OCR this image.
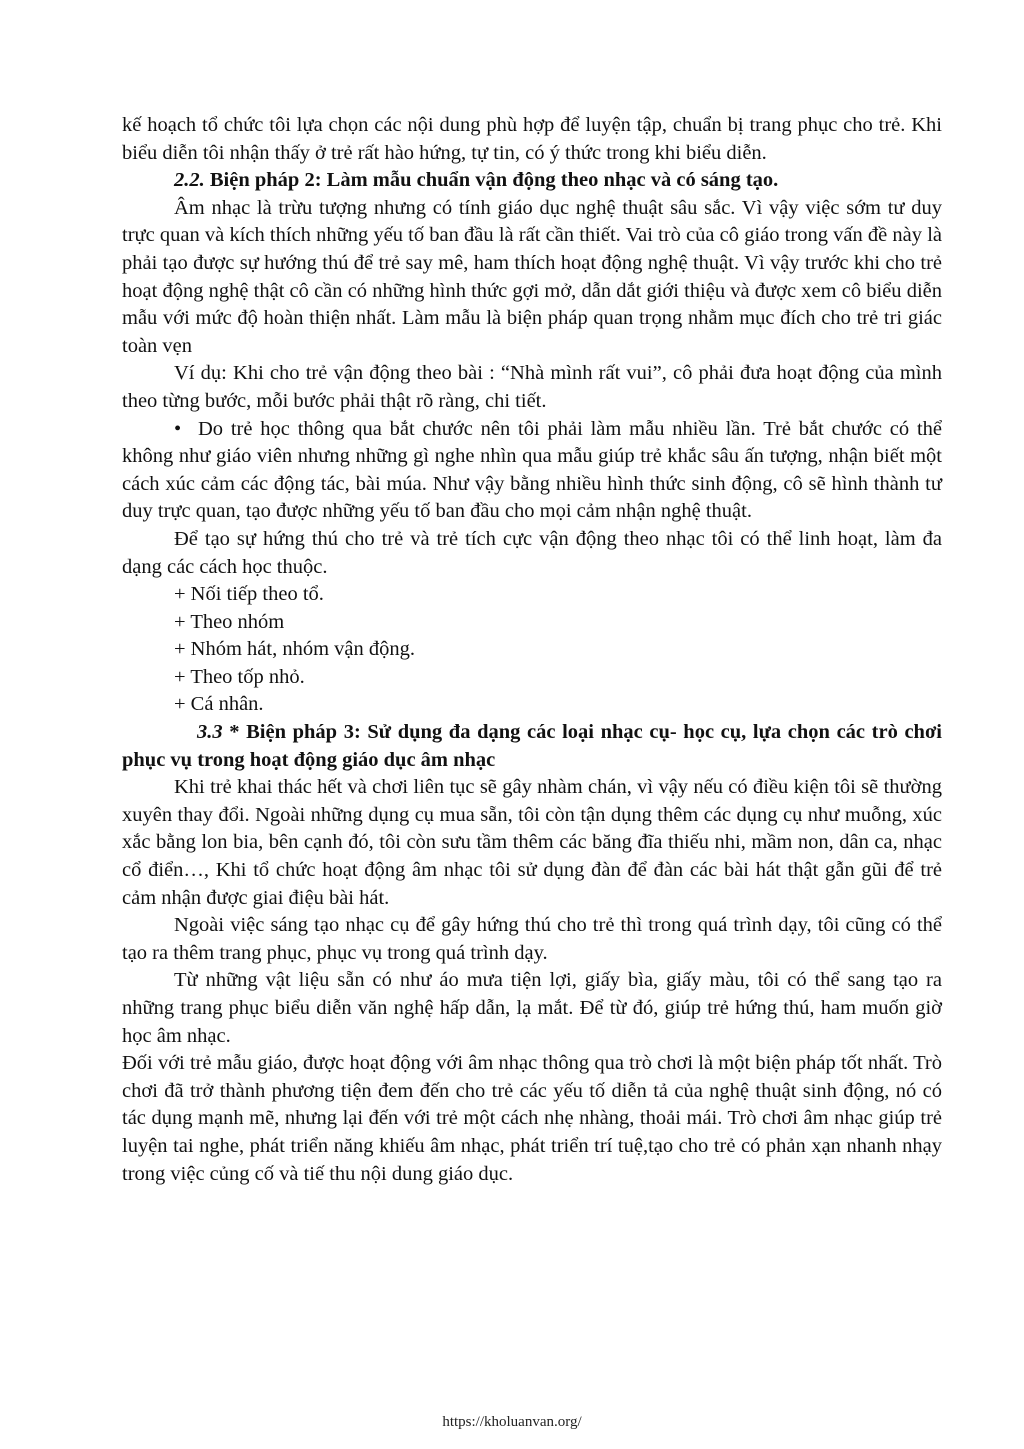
kế hoạch tổ chức tôi lựa chọn các nội dung phù hợp để luyện tập, chuẩn bị trang phục cho trẻ. Khi biểu diễn tôi nhận thấy ở trẻ rất hào hứng, tự tin, có ý thức trong khi biểu diễn.

2.2. Biện pháp 2: Làm mẫu chuẩn vận động theo nhạc và có sáng tạo.

Âm nhạc là trừu tượng nhưng có tính giáo dục nghệ thuật sâu sắc. Vì vậy việc sớm tư duy trực quan và kích thích những yếu tố ban đầu là rất cần thiết. Vai trò của cô giáo trong vấn đề này là phải tạo được sự hướng thú để trẻ say mê, ham thích hoạt động nghệ thuật. Vì vậy trước khi cho trẻ hoạt động nghệ thật cô cần có những hình thức gợi mở, dẫn dắt giới thiệu và được xem cô biểu diễn mẫu với mức độ hoàn thiện nhất. Làm mẫu là biện pháp quan trọng nhằm mục đích cho trẻ tri giác toàn vẹn

Ví dụ: Khi cho trẻ vận động theo bài : “Nhà mình rất vui”, cô phải đưa hoạt động của mình theo từng bước, mỗi bước phải thật rõ ràng, chi tiết.

• Do trẻ học thông qua bắt chước nên tôi phải làm mẫu nhiều lần. Trẻ bắt chước có thể không như giáo viên nhưng những gì nghe nhìn qua mẫu giúp trẻ khắc sâu ấn tượng, nhận biết một cách xúc cảm các động tác, bài múa. Như vậy bằng nhiều hình thức sinh động, cô sẽ hình thành tư duy trực quan, tạo được những yếu tố ban đầu cho mọi cảm nhận nghệ thuật.

Để tạo sự hứng thú cho trẻ và trẻ tích cực vận động theo nhạc tôi có thể linh hoạt, làm đa dạng các cách học thuộc.

+ Nối tiếp theo tổ.

+ Theo nhóm

+ Nhóm hát, nhóm vận động.

+ Theo tốp nhỏ.

+ Cá nhân.

3.3 * Biện pháp 3: Sử dụng đa dạng các loại nhạc cụ- học cụ, lựa chọn các trò chơi phục vụ trong hoạt động giáo dục âm nhạc

Khi trẻ khai thác hết và chơi liên tục sẽ gây nhàm chán, vì vậy nếu có điều kiện tôi sẽ thường xuyên thay đổi. Ngoài những dụng cụ mua sẵn, tôi còn tận dụng thêm các dụng cụ như muỗng, xúc xắc bằng lon bia, bên cạnh đó, tôi còn sưu tầm thêm các băng đĩa thiếu nhi, mầm non, dân ca, nhạc cổ điển…, Khi tổ chức hoạt động âm nhạc tôi sử dụng đàn để đàn các bài hát thật gẫn gũi để trẻ cảm nhận được giai điệu bài hát.

Ngoài việc sáng tạo nhạc cụ để gây hứng thú cho trẻ thì trong quá trình dạy, tôi cũng có thể tạo ra thêm trang phục, phục vụ trong quá trình dạy.

Từ những vật liệu sẵn có như áo mưa tiện lợi, giấy bìa, giấy màu, tôi có thể sang tạo ra những trang phục biểu diễn văn nghệ hấp dẫn, lạ mắt. Để từ đó, giúp trẻ hứng thú, ham muốn giờ học âm nhạc.

Đối với trẻ mẫu giáo, được hoạt động với âm nhạc thông qua trò chơi là một biện pháp tốt nhất. Trò chơi đã trở thành phương tiện đem đến cho trẻ các yếu tố diễn tả của nghệ thuật sinh động, nó có tác dụng mạnh mẽ, nhưng lại đến với trẻ một cách nhẹ nhàng, thoải mái. Trò chơi âm nhạc giúp trẻ luyện tai nghe, phát triển năng khiếu âm nhạc, phát triển trí tuệ,tạo cho trẻ có phản xạn nhanh nhạy trong việc củng cố và tiế thu nội dung giáo dục.

https://kholuanvan.org/
